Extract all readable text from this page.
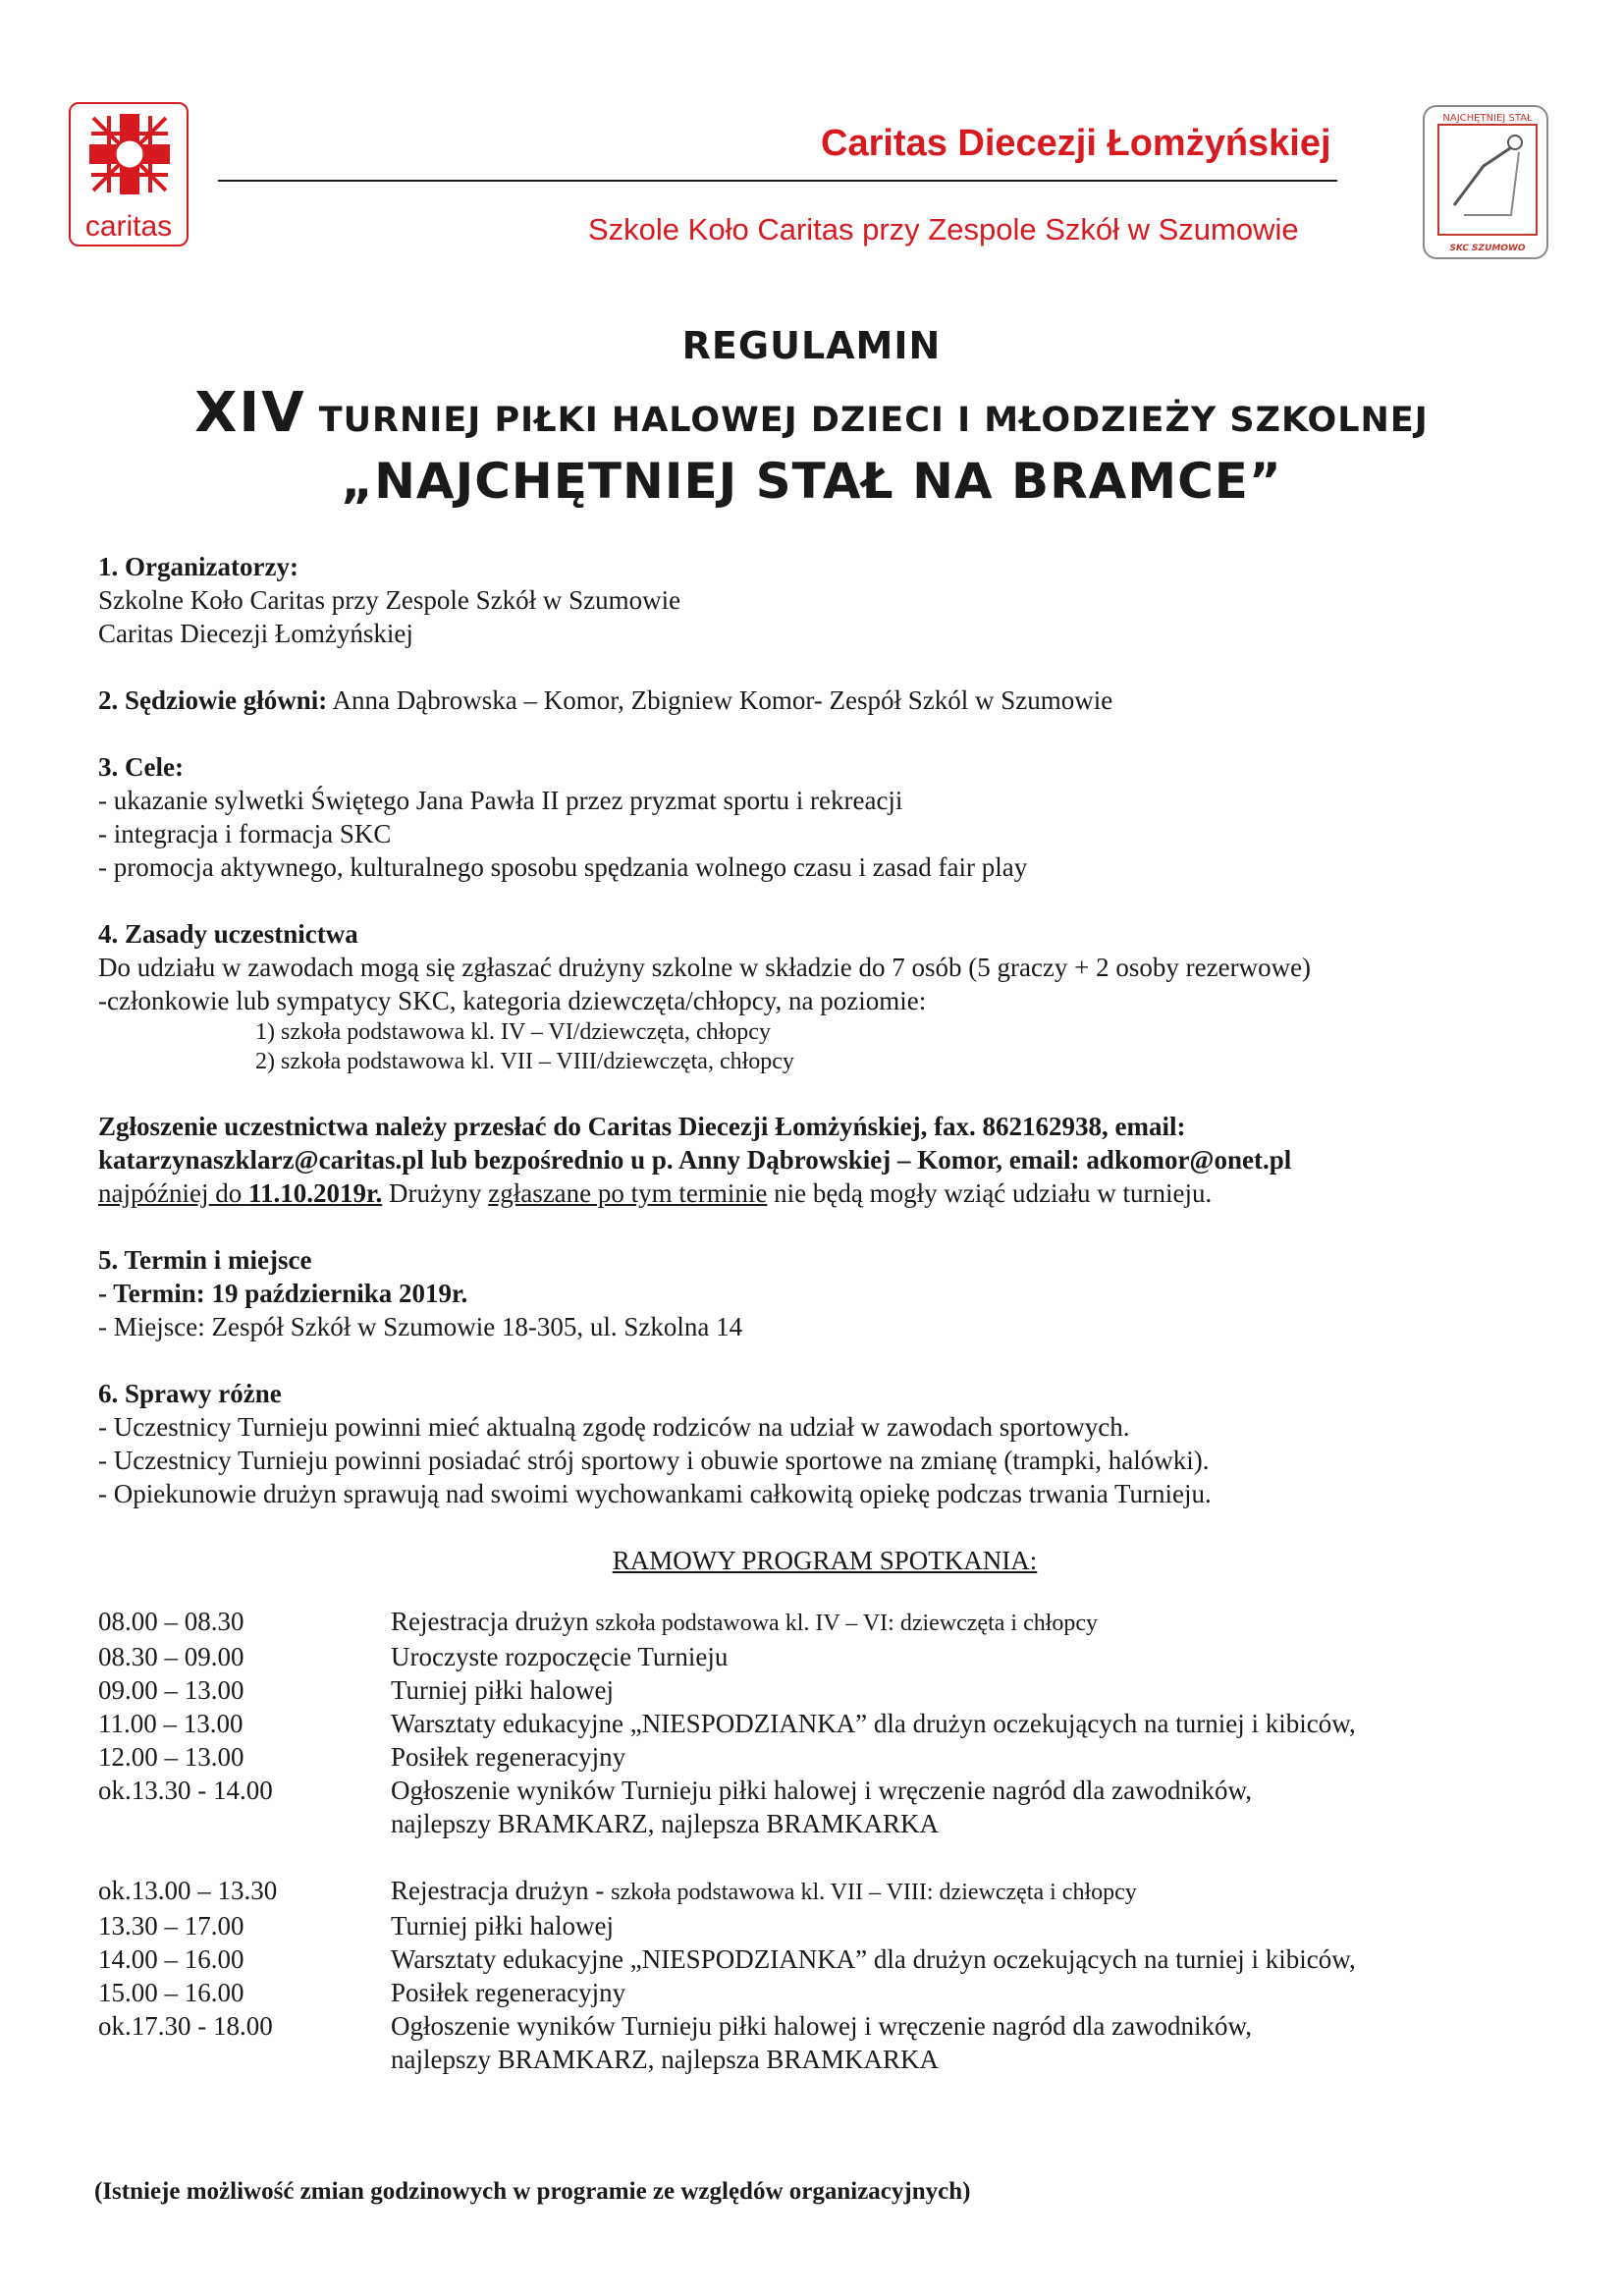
caritas
Caritas Diecezji Łomżyńskiej
Szkole Koło Caritas przy Zespole Szkół w Szumowie
NAJCHĘTNIEJ STAŁ
SKC SZUMOWO
REGULAMIN
XIV TURNIEJ PIŁKI HALOWEJ DZIECI I MŁODZIEŻY SZKOLNEJ
„NAJCHĘTNIEJ STAŁ NA BRAMCE”
1. Organizatorzy:
Szkolne Koło Caritas przy Zespole Szkół w Szumowie
Caritas Diecezji Łomżyńskiej
2. Sędziowie główni: Anna Dąbrowska – Komor, Zbigniew Komor- Zespół Szkól w Szumowie
3. Cele:
- ukazanie sylwetki Świętego Jana Pawła II przez pryzmat sportu i rekreacji
- integracja i formacja SKC
- promocja aktywnego, kulturalnego sposobu spędzania wolnego czasu i zasad fair play
4. Zasady uczestnictwa
Do udziału w zawodach mogą się zgłaszać drużyny szkolne w składzie do 7 osób (5 graczy + 2 osoby rezerwowe)
-członkowie lub sympatycy SKC, kategoria dziewczęta/chłopcy, na poziomie:
1) szkoła podstawowa kl. IV – VI/dziewczęta, chłopcy
2) szkoła podstawowa kl. VII – VIII/dziewczęta, chłopcy
Zgłoszenie uczestnictwa należy przesłać do Caritas Diecezji Łomżyńskiej, fax. 862162938, email:
katarzynaszklarz@caritas.pl lub bezpośrednio u p. Anny Dąbrowskiej – Komor, email: adkomor@onet.pl
najpóźniej do 11.10.2019r. Drużyny zgłaszane po tym terminie nie będą mogły wziąć udziału w turnieju.
5. Termin i miejsce
- Termin: 19 października 2019r.
- Miejsce: Zespół Szkół w Szumowie 18-305, ul. Szkolna 14
6. Sprawy różne
- Uczestnicy Turnieju powinni mieć aktualną zgodę rodziców na udział w zawodach sportowych.
- Uczestnicy Turnieju powinni posiadać strój sportowy i obuwie sportowe na zmianę (trampki, halówki).
- Opiekunowie drużyn sprawują nad swoimi wychowankami całkowitą opiekę podczas trwania Turnieju.
RAMOWY PROGRAM SPOTKANIA:
08.00 – 08.30	Rejestracja drużyn szkoła podstawowa kl. IV – VI: dziewczęta i chłopcy
08.30 – 09.00	Uroczyste rozpoczęcie Turnieju
09.00 – 13.00	Turniej piłki halowej
11.00 – 13.00	Warsztaty edukacyjne „NIESPODZIANKA” dla drużyn oczekujących na turniej i kibiców,
12.00 – 13.00	Posiłek regeneracyjny
ok.13.30 - 14.00	Ogłoszenie wyników Turnieju piłki halowej i wręczenie nagród dla zawodników,
najlepszy BRAMKARZ, najlepsza BRAMKARKA
ok.13.00 – 13.30	Rejestracja drużyn - szkoła podstawowa kl. VII – VIII: dziewczęta i chłopcy
13.30 – 17.00	Turniej piłki halowej
14.00 – 16.00	Warsztaty edukacyjne „NIESPODZIANKA” dla drużyn oczekujących na turniej i kibiców,
15.00 – 16.00	Posiłek regeneracyjny
ok.17.30 - 18.00	Ogłoszenie wyników Turnieju piłki halowej i wręczenie nagród dla zawodników,
najlepszy BRAMKARZ, najlepsza BRAMKARKA
(Istnieje możliwość zmian godzinowych w programie ze względów organizacyjnych)
